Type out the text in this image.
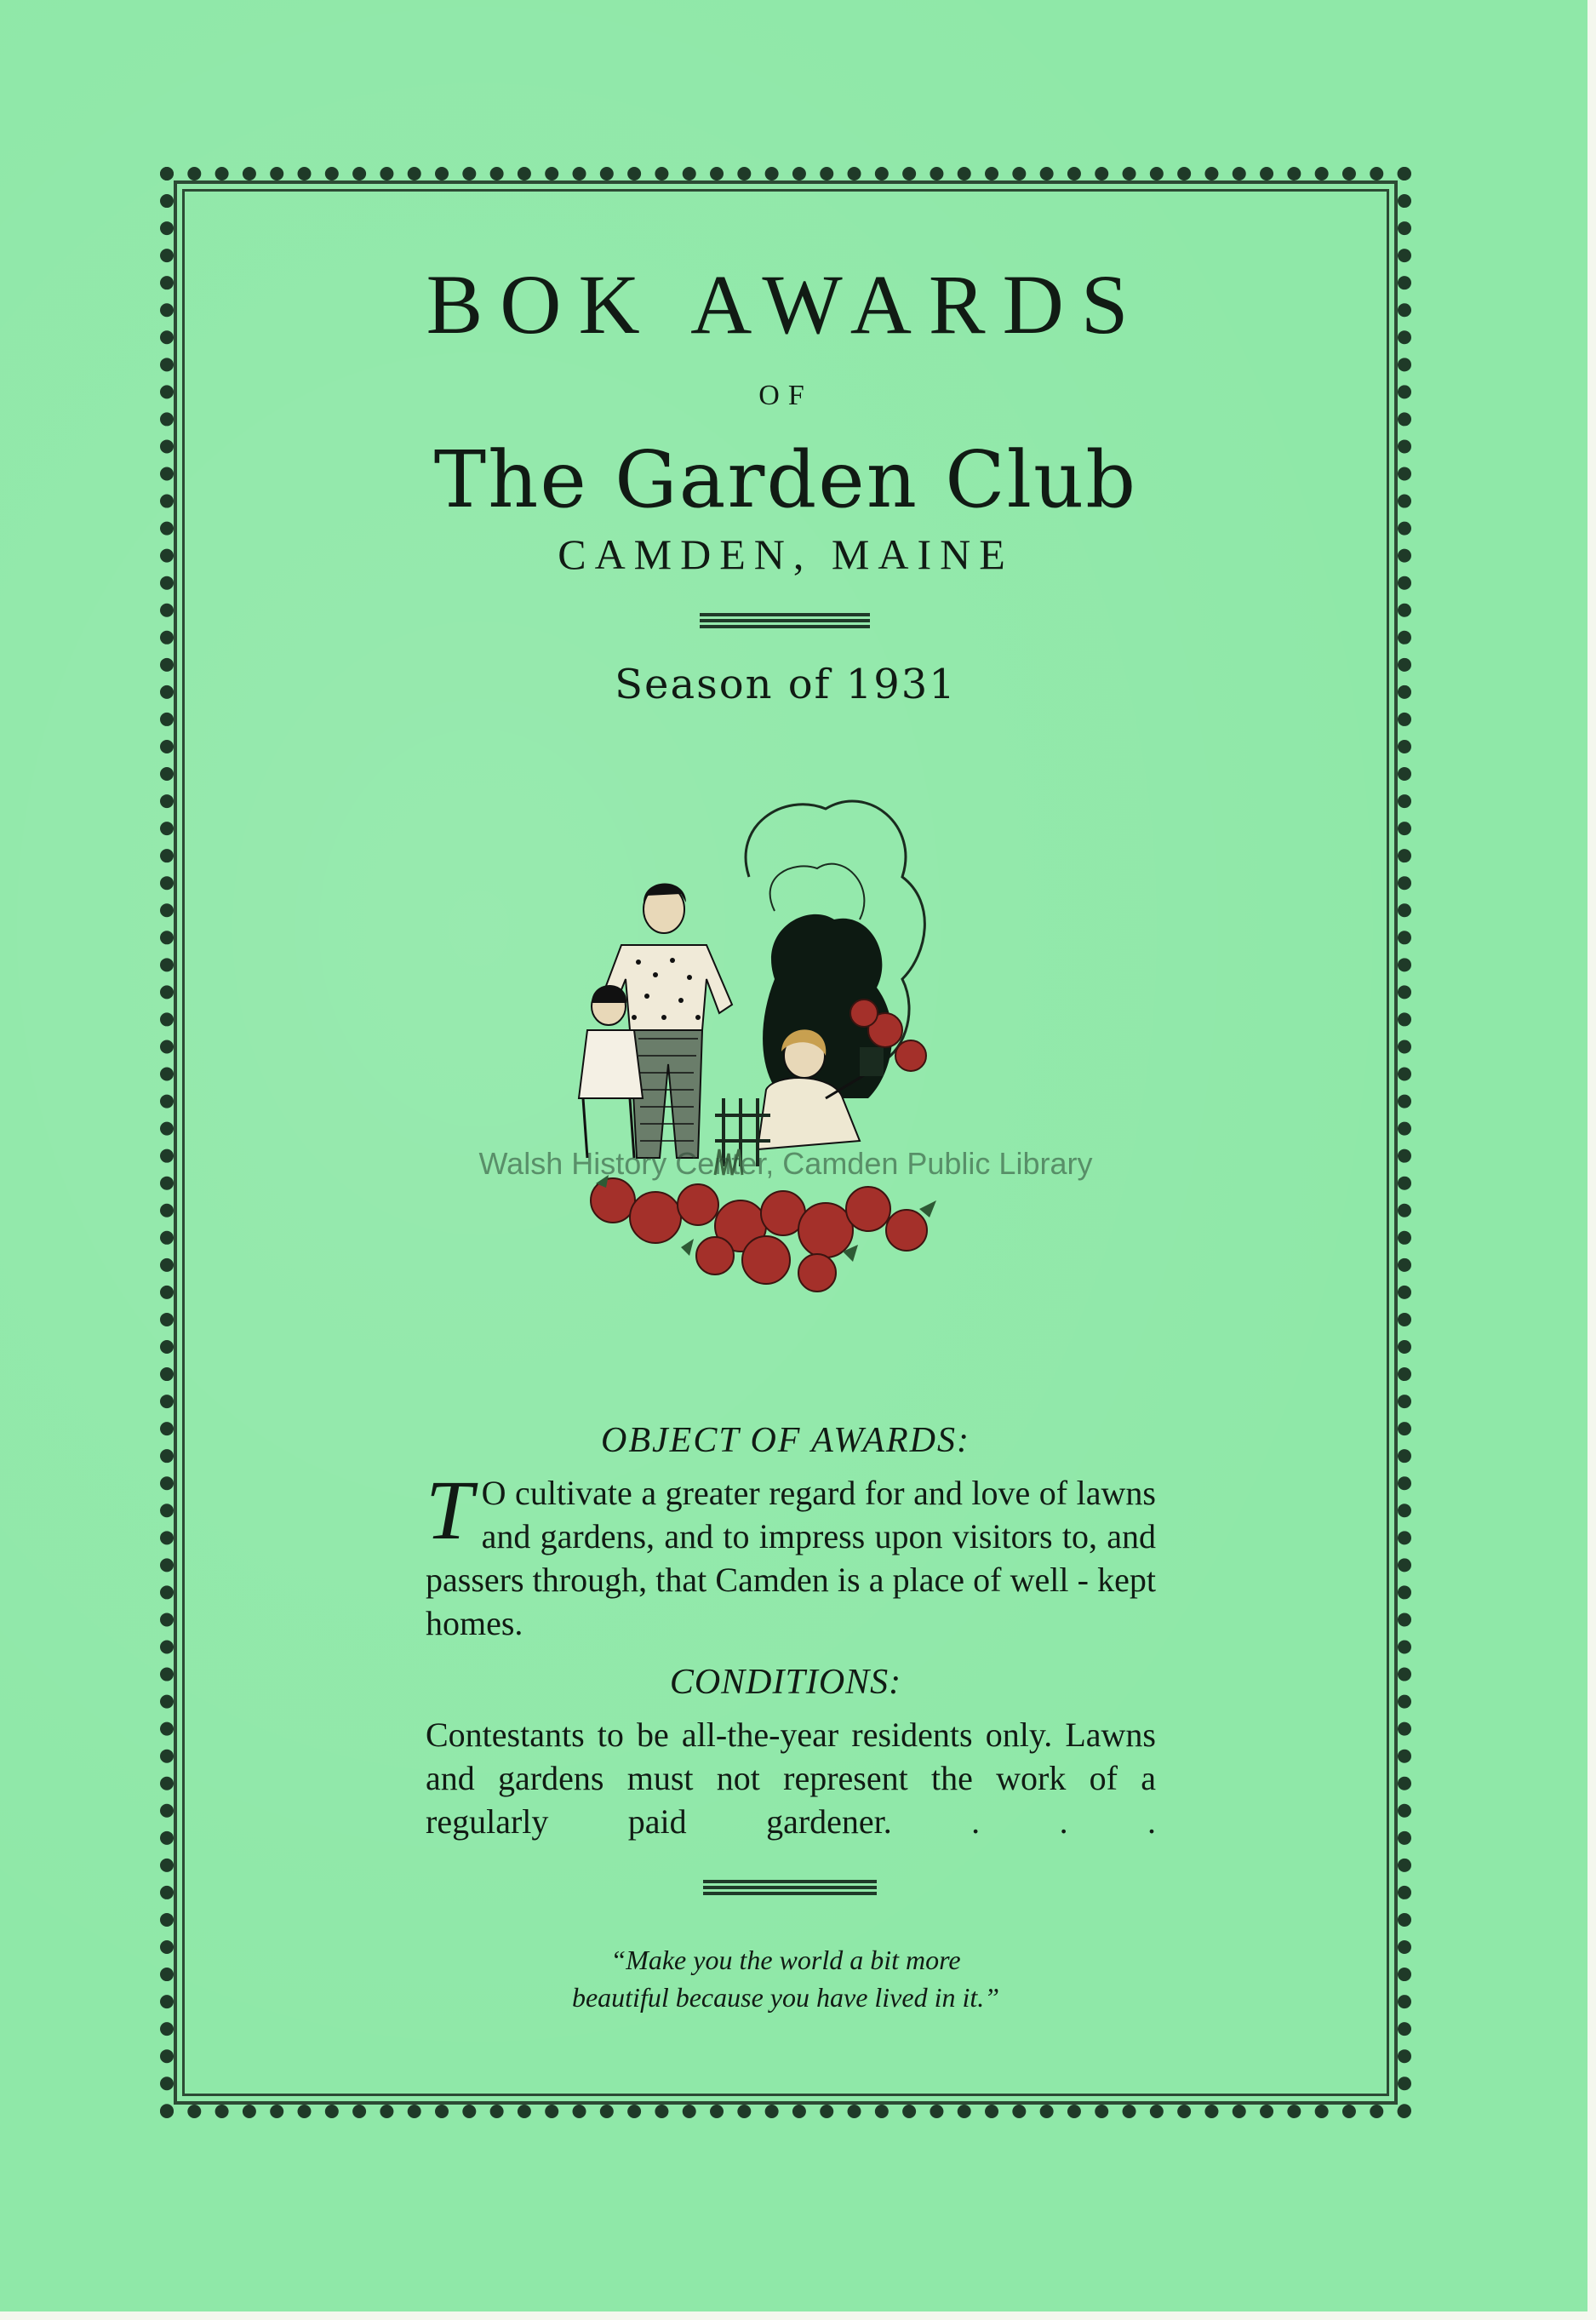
BOK AWARDS
OF
The Garden Club
CAMDEN, MAINE
Season of 1931
Walsh History Center, Camden Public Library
OBJECT OF AWARDS:
T O cultivate a greater regard for and love of lawns and gardens, and to impress upon visitors to, and passers through, that Camden is a place of well - kept homes.
CONDITIONS:
Contestants to be all-the-year residents only. Lawns and gardens must not represent the work of a regularly paid gardener. . . .
“Make you the world a bit more
beautiful because you have lived in it.”
